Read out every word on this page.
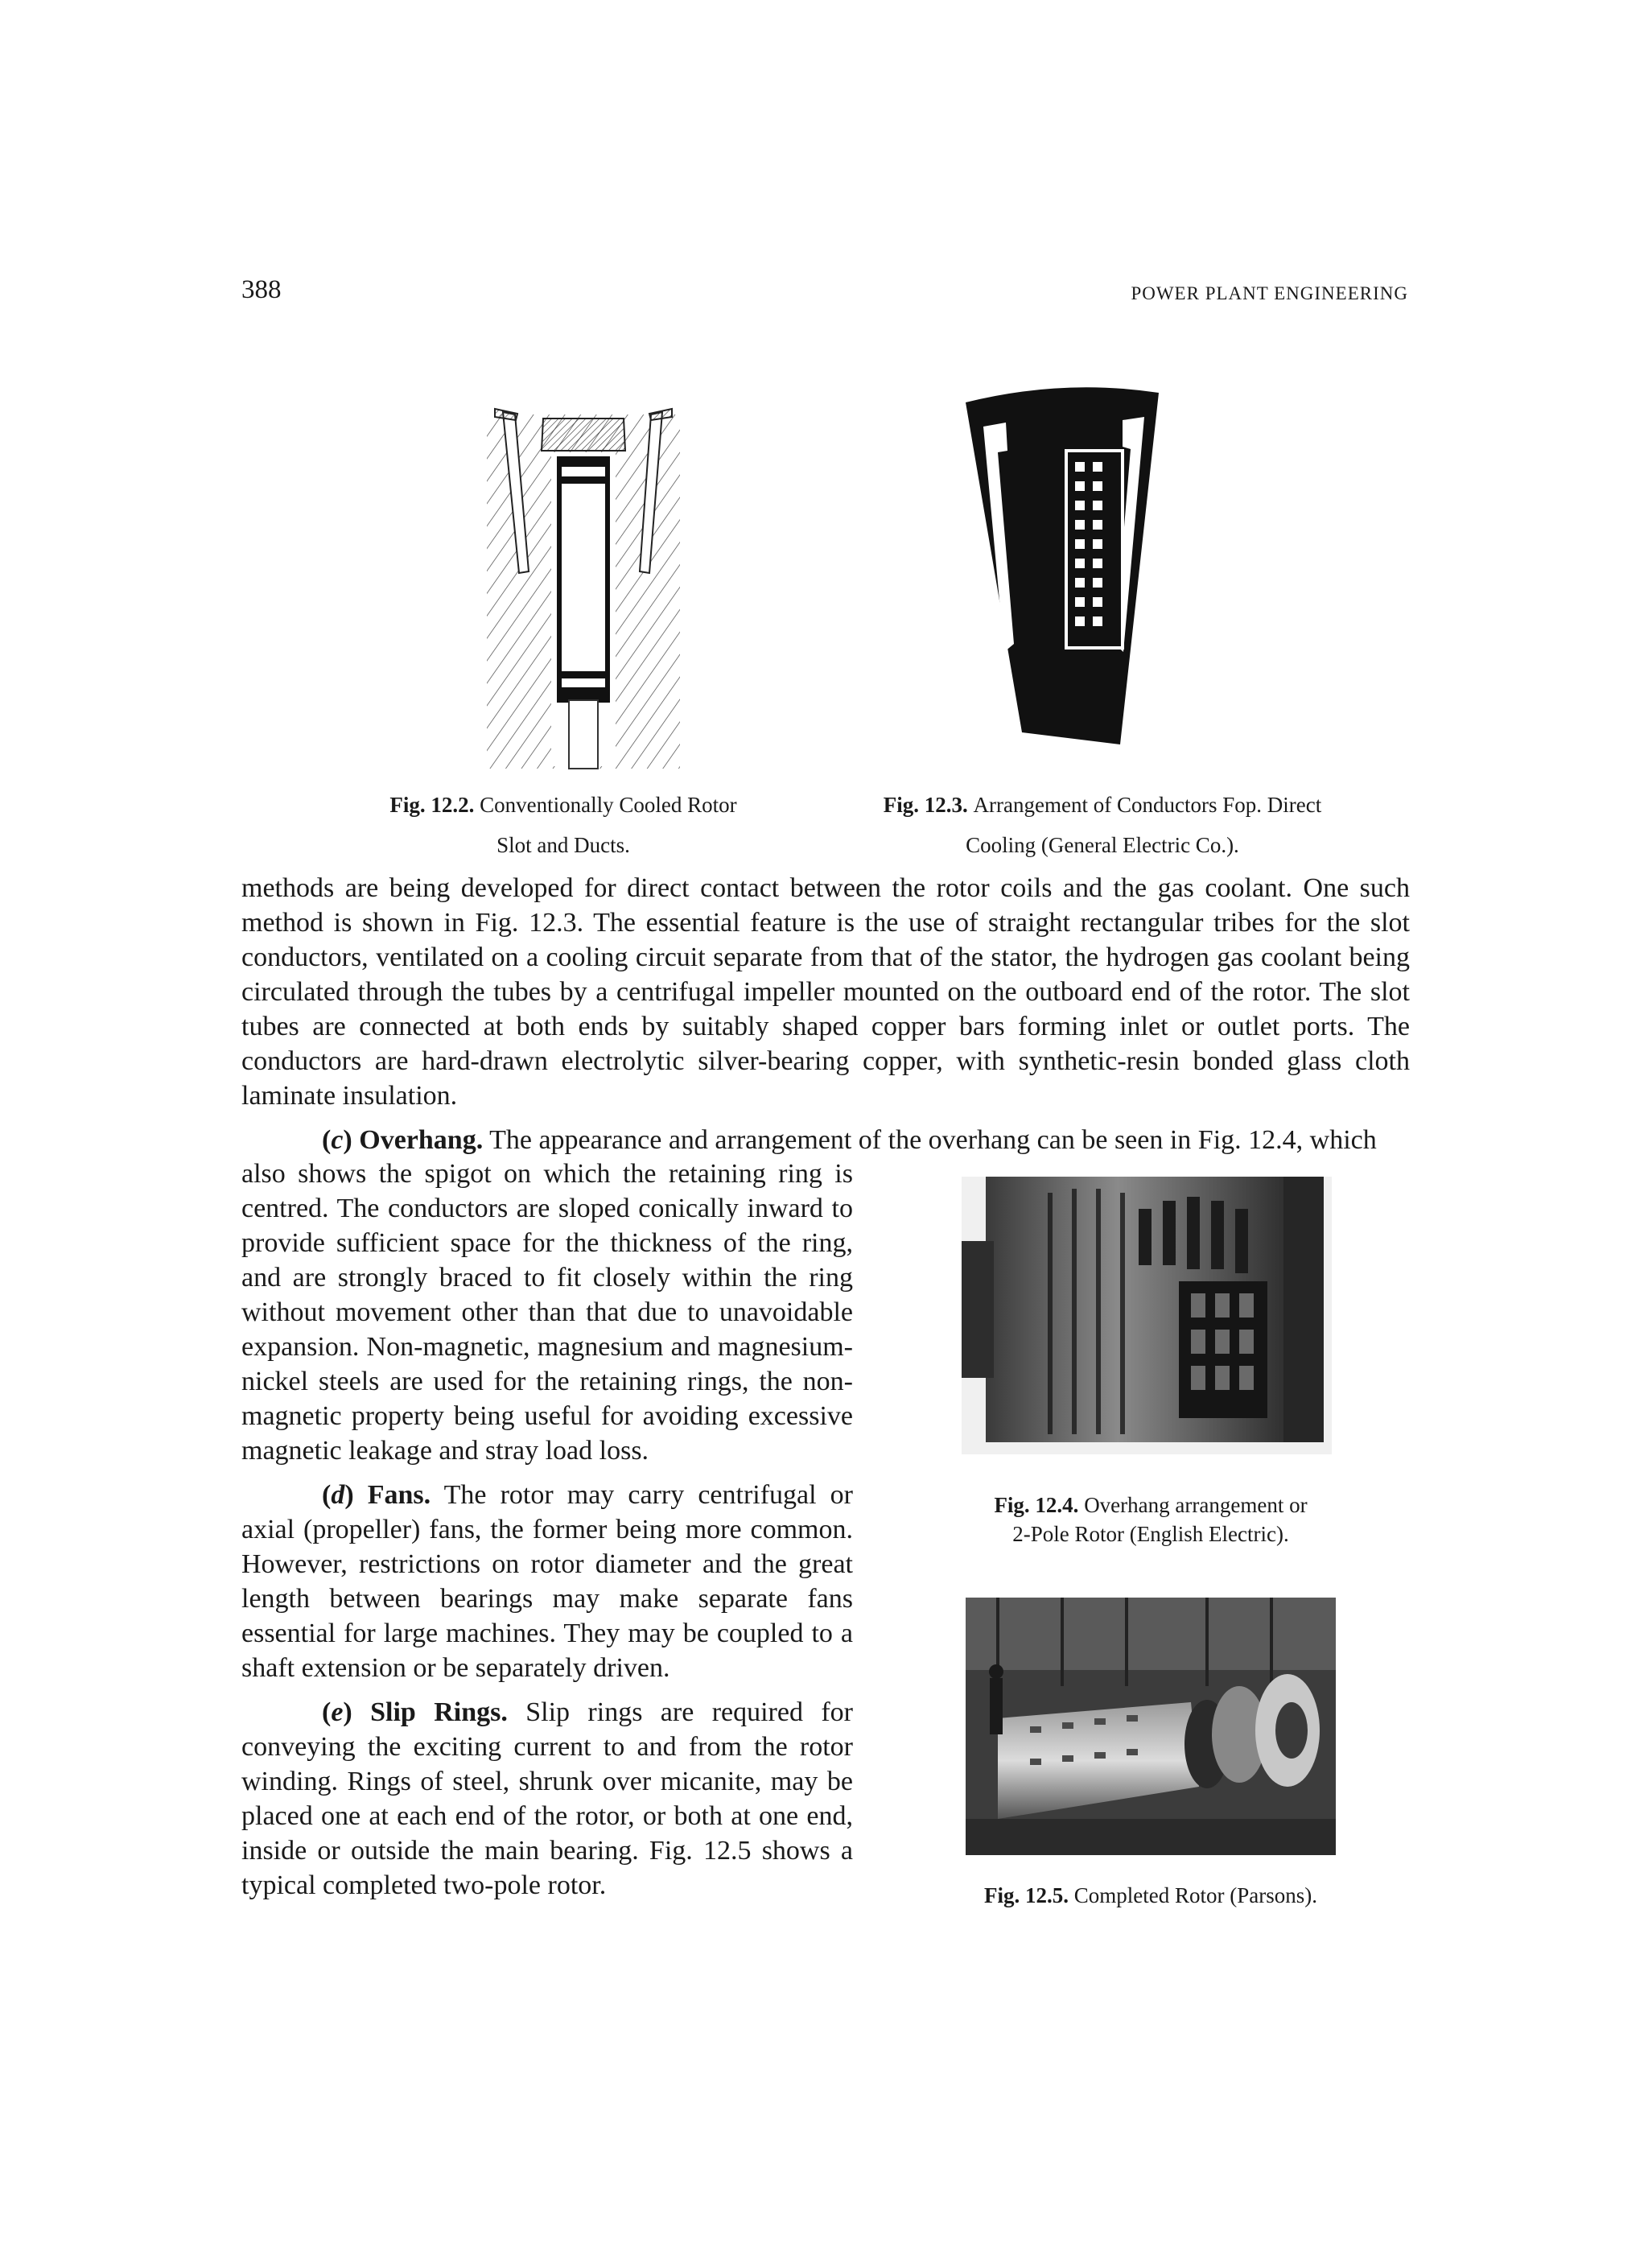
388	POWER PLANT ENGINEERING
Fig. 12.2. Conventionally Cooled Rotor
Slot and Ducts.
Fig. 12.3. Arrangement of Conductors Fop. Direct
Cooling (General Electric Co.).

methods are being developed for direct contact between the rotor coils and the gas coolant. One such method is shown in Fig. 12.3. The essential feature is the use of straight rectangular tribes for the slot conductors, ventilated on a cooling circuit separate from that of the stator, the hydrogen gas coolant being circulated through the tubes by a centrifugal impeller mounted on the outboard end of the rotor. The slot tubes are connected at both ends by suitably shaped copper bars forming inlet or outlet ports. The conductors are hard-drawn electrolytic silver-bearing copper, with synthetic-resin bonded glass cloth laminate insulation.

(c) Overhang. The appearance and arrangement of the overhang can be seen in Fig. 12.4, which

also shows the spigot on which the retaining ring is centred. The conductors are sloped conically inward to provide sufficient space for the thickness of the ring, and are strongly braced to fit closely within the ring without movement other than that due to unavoidable expansion. Non-magnetic, magnesium and magnesium-nickel steels are used for the retaining rings, the non-magnetic property being useful for avoiding excessive magnetic leakage and stray load loss.

(d) Fans. The rotor may carry centrifugal or axial (propeller) fans, the former being more common. However, restrictions on rotor diameter and the great length between bearings may make separate fans essential for large machines. They may be coupled to a shaft extension or be separately driven.

(e) Slip Rings. Slip rings are required for conveying the exciting current to and from the rotor winding. Rings of steel, shrunk over micanite, may be placed one at each end of the rotor, or both at one end, inside or outside the main bearing. Fig. 12.5 shows a typical completed two-pole rotor.

Fig. 12.4. Overhang arrangement or
2-Pole Rotor (English Electric).
Fig. 12.5. Completed Rotor (Parsons).
